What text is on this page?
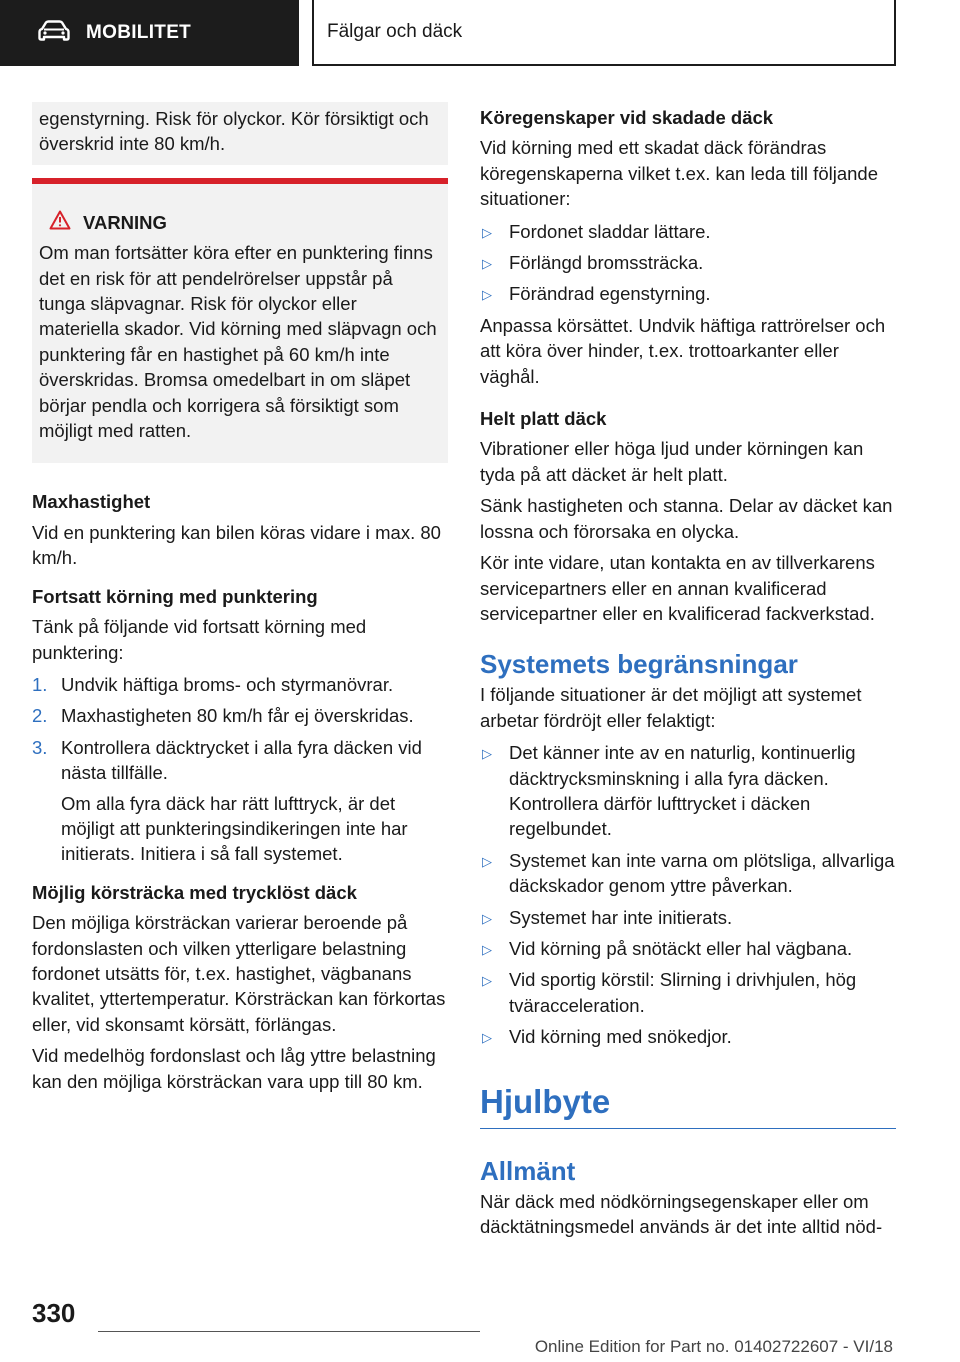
MOBILITET	Fälgar och däck

egenstyrning. Risk för olyckor. Kör försiktigt och överskrid inte 80 km/h.

VARNING

Om man fortsätter köra efter en punktering finns det en risk för att pendelrörelser uppstår på tunga släpvagnar. Risk för olyckor eller materiella skador. Vid körning med släpvagn och punktering får en hastighet på 60 km/h inte överskridas. Bromsa omedelbart in om släpet börjar pendla och korrigera så försiktigt som möjligt med ratten.

Maxhastighet

Vid en punktering kan bilen köras vidare i max. 80 km/h.

Fortsatt körning med punktering

Tänk på följande vid fortsatt körning med punktering:

1. Undvik häftiga broms- och styrmanövrar.
2. Maxhastigheten 80 km/h får ej överskridas.
3. Kontrollera däcktrycket i alla fyra däcken vid nästa tillfälle.

Om alla fyra däck har rätt lufttryck, är det möjligt att punkteringsindikeringen inte har initierats. Initiera i så fall systemet.

Möjlig körsträcka med trycklöst däck

Den möjliga körsträckan varierar beroende på fordonslasten och vilken ytterligare belastning fordonet utsätts för, t.ex. hastighet, vägbanans kvalitet, yttertemperatur. Körsträckan kan förkortas eller, vid skonsamt körsätt, förlängas.

Vid medelhög fordonslast och låg yttre belastning kan den möjliga körsträckan vara upp till 80 km.

Köregenskaper vid skadade däck

Vid körning med ett skadat däck förändras köregenskaperna vilket t.ex. kan leda till följande situationer:

▷ Fordonet sladdar lättare.
▷ Förlängd bromssträcka.
▷ Förändrad egenstyrning.

Anpassa körsättet. Undvik häftiga rattrörelser och att köra över hinder, t.ex. trottoarkanter eller väghål.

Helt platt däck

Vibrationer eller höga ljud under körningen kan tyda på att däcket är helt platt.

Sänk hastigheten och stanna. Delar av däcket kan lossna och förorsaka en olycka.

Kör inte vidare, utan kontakta en av tillverkarens servicepartners eller en annan kvalificerad servicepartner eller en kvalificerad fackverkstad.

Systemets begränsningar

I följande situationer är det möjligt att systemet arbetar fördröjt eller felaktigt:

▷ Det känner inte av en naturlig, kontinuerlig däcktrycksminskning i alla fyra däcken. Kontrollera därför lufttrycket i däcken regelbundet.
▷ Systemet kan inte varna om plötsliga, allvarliga däckskador genom yttre påverkan.
▷ Systemet har inte initierats.
▷ Vid körning på snötäckt eller hal vägbana.
▷ Vid sportig körstil: Slirning i drivhjulen, hög tväracceleration.
▷ Vid körning med snökedjor.
Hjulbyte
Allmänt

När däck med nödkörningsegenskaper eller om däcktätningsmedel används är det inte alltid nöd-

330
Online Edition for Part no. 01402722607 - VI/18
